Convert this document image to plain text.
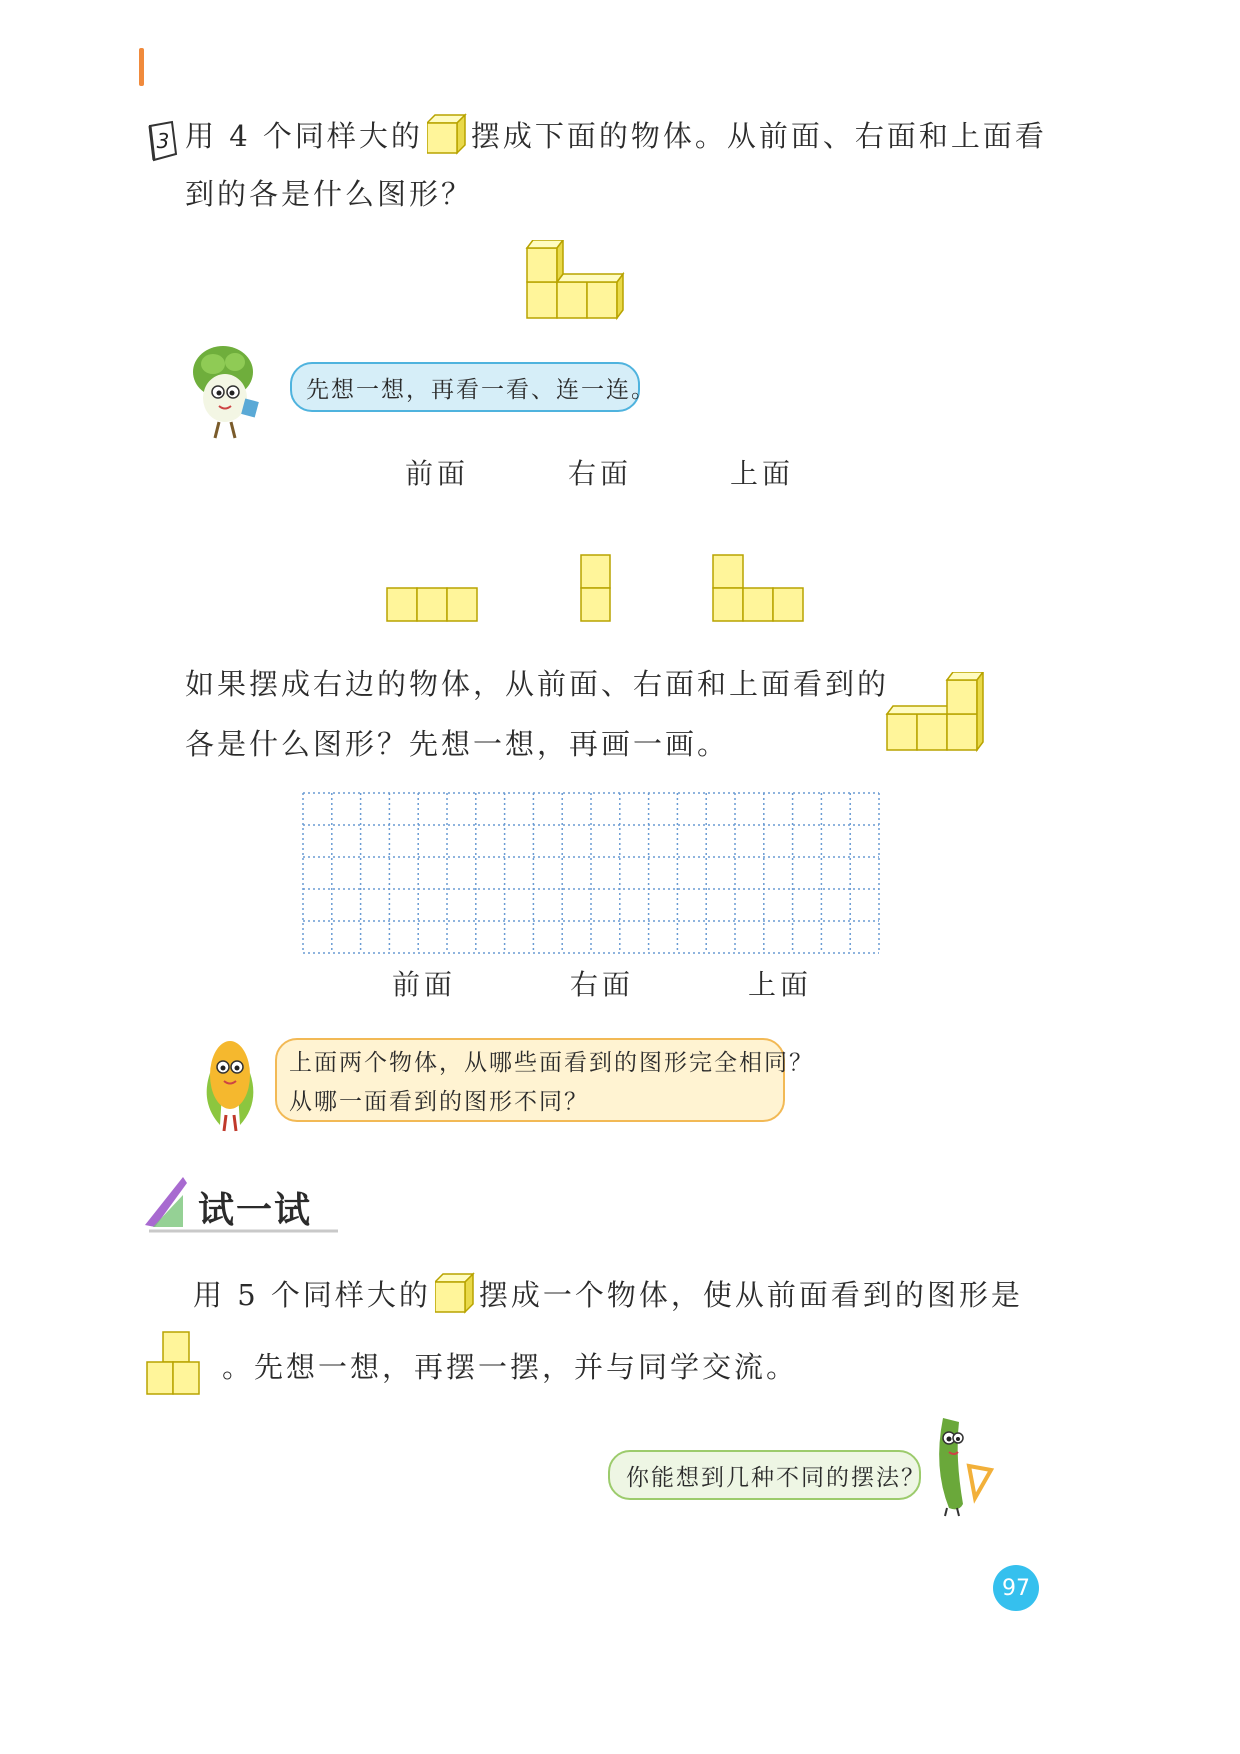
3 用 4 个同样大的 摆成下面的物体。从前面、右面和上面看
到的各是什么图形？
先想一想，再看一看、连一连。
前面	右面	上面
如果摆成右边的物体，从前面、右面和上面看到的
各是什么图形？先想一想，再画一画。
前面	右面	上面
上面两个物体，从哪些面看到的图形完全相同？
从哪一面看到的图形不同？
试一试
用 5 个同样大的 摆成一个物体，使从前面看到的图形是
。先想一想，再摆一摆，并与同学交流。
你能想到几种不同的摆法？
97
